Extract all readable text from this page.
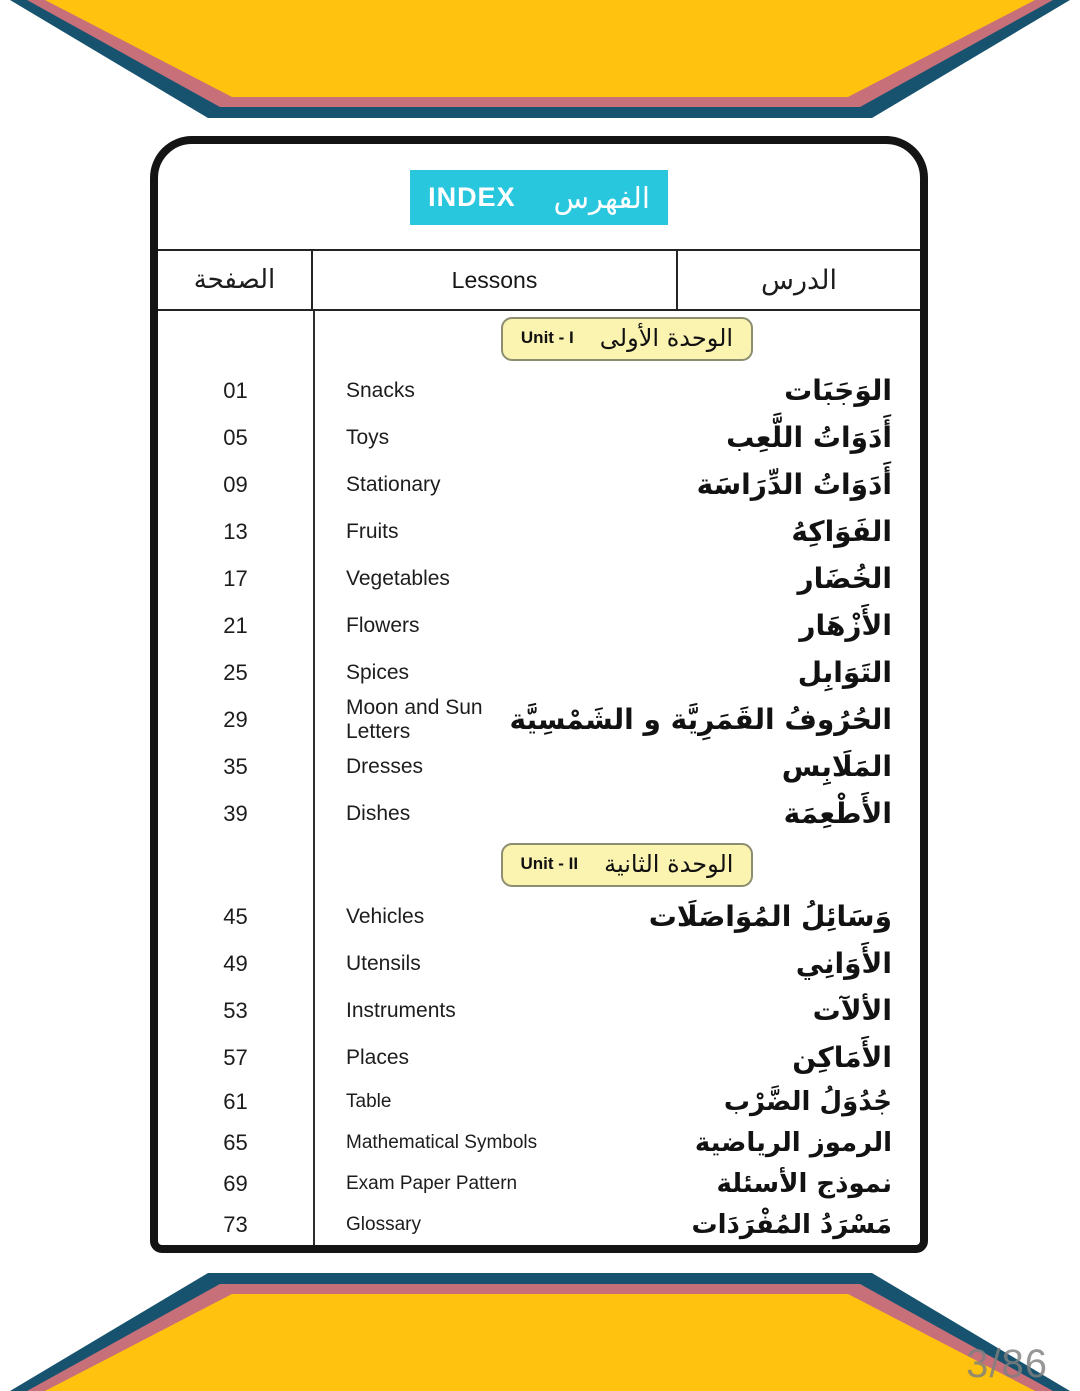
INDEX الفهرس
الصفحة	Lessons	الدرس
Unit - I الوحدة الأولى
01	Snacks	الوَجَبَات
05	Toys	أَدَوَاتُ اللَّعِب
09	Stationary	أَدَوَاتُ الدِّرَاسَة
13	Fruits	الفَوَاكِهُ
17	Vegetables	الخُضَار
21	Flowers	الأَزْهَار
25	Spices	التَوَابِل
29	Moon and Sun Letters	الحُرُوفُ القَمَرِيَّة و الشَمْسِيَّة
35	Dresses	المَلَابِس
39	Dishes	الأَطْعِمَة
Unit - II الوحدة الثانية
45	Vehicles	وَسَائِلُ المُوَاصَلَات
49	Utensils	الأَوَانِي
53	Instruments	الألآت
57	Places	الأَمَاكِن
61	Table	جُدُوَلُ الضَّرْب
65	Mathematical Symbols	الرموز الرياضية
69	Exam Paper Pattern	نموذج الأسئلة
73	Glossary	مَسْرَدُ المُفْرَدَات
3/86
